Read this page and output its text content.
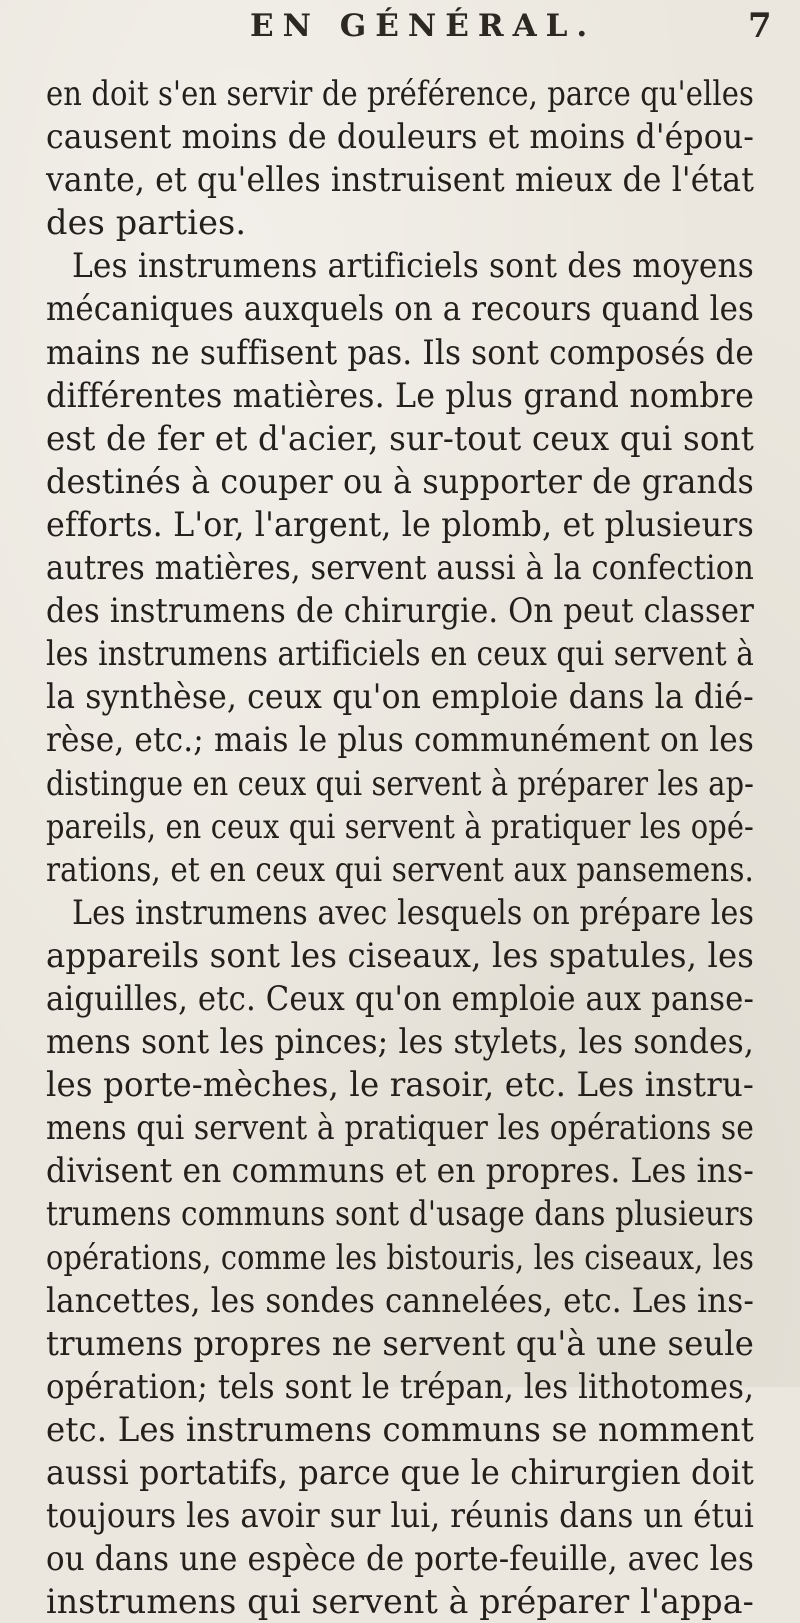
EN GÉNÉRAL.	7
en doit s'en servir de préférence, parce qu'elles
causent moins de douleurs et moins d'épou-
vante, et qu'elles instruisent mieux de l'état
des parties.
Les instrumens artificiels sont des moyens
mécaniques auxquels on a recours quand les
mains ne suffisent pas. Ils sont composés de
différentes matières. Le plus grand nombre
est de fer et d'acier, sur-tout ceux qui sont
destinés à couper ou à supporter de grands
efforts. L'or, l'argent, le plomb, et plusieurs
autres matières, servent aussi à la confection
des instrumens de chirurgie. On peut classer
les instrumens artificiels en ceux qui servent à
la synthèse, ceux qu'on emploie dans la dié-
rèse, etc.; mais le plus communément on les
distingue en ceux qui servent à préparer les ap-
pareils, en ceux qui servent à pratiquer les opé-
rations, et en ceux qui servent aux pansemens.
Les instrumens avec lesquels on prépare les
appareils sont les ciseaux, les spatules, les
aiguilles, etc. Ceux qu'on emploie aux panse-
mens sont les pinces; les stylets, les sondes,
les porte-mèches, le rasoir, etc. Les instru-
mens qui servent à pratiquer les opérations se
divisent en communs et en propres. Les ins-
trumens communs sont d'usage dans plusieurs
opérations, comme les bistouris, les ciseaux, les
lancettes, les sondes cannelées, etc. Les ins-
trumens propres ne servent qu'à une seule
opération; tels sont le trépan, les lithotomes,
etc. Les instrumens communs se nomment
aussi portatifs, parce que le chirurgien doit
toujours les avoir sur lui, réunis dans un étui
ou dans une espèce de porte-feuille, avec les
instrumens qui servent à préparer l'appa-
